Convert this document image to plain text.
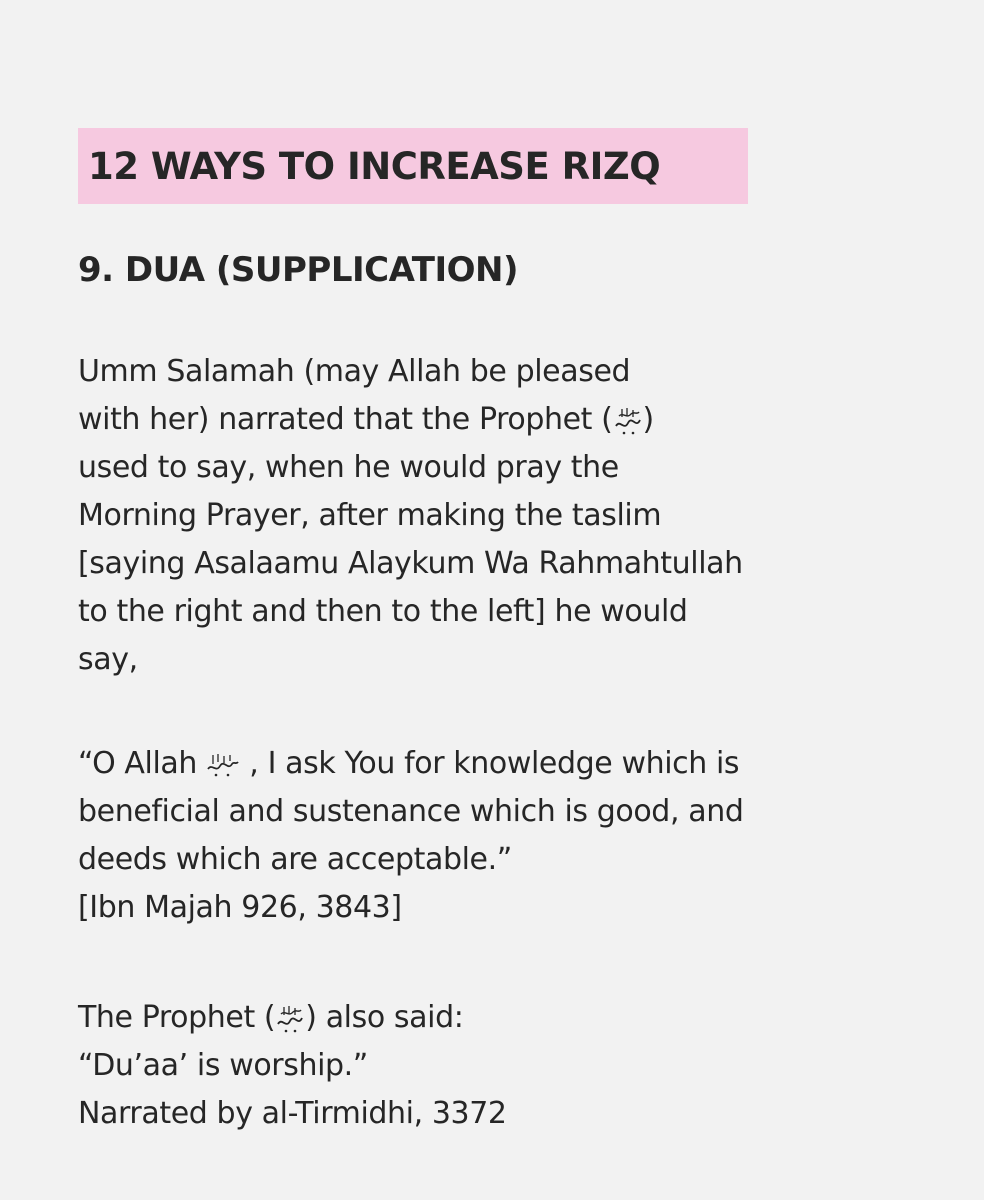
12 WAYS TO INCREASE RIZQ
9. DUA (SUPPLICATION)
Umm Salamah (may Allah be pleased
with her) narrated that the Prophet ( )
used to say, when he would pray the
Morning Prayer, after making the taslim
[saying Asalaamu Alaykum Wa Rahmahtullah
to the right and then to the left] he would
say,
“O Allah , I ask You for knowledge which is
beneficial and sustenance which is good, and
deeds which are acceptable.”
[Ibn Majah 926, 3843]
The Prophet ( ) also said:
“Du’aa’ is worship.”
Narrated by al-Tirmidhi, 3372
